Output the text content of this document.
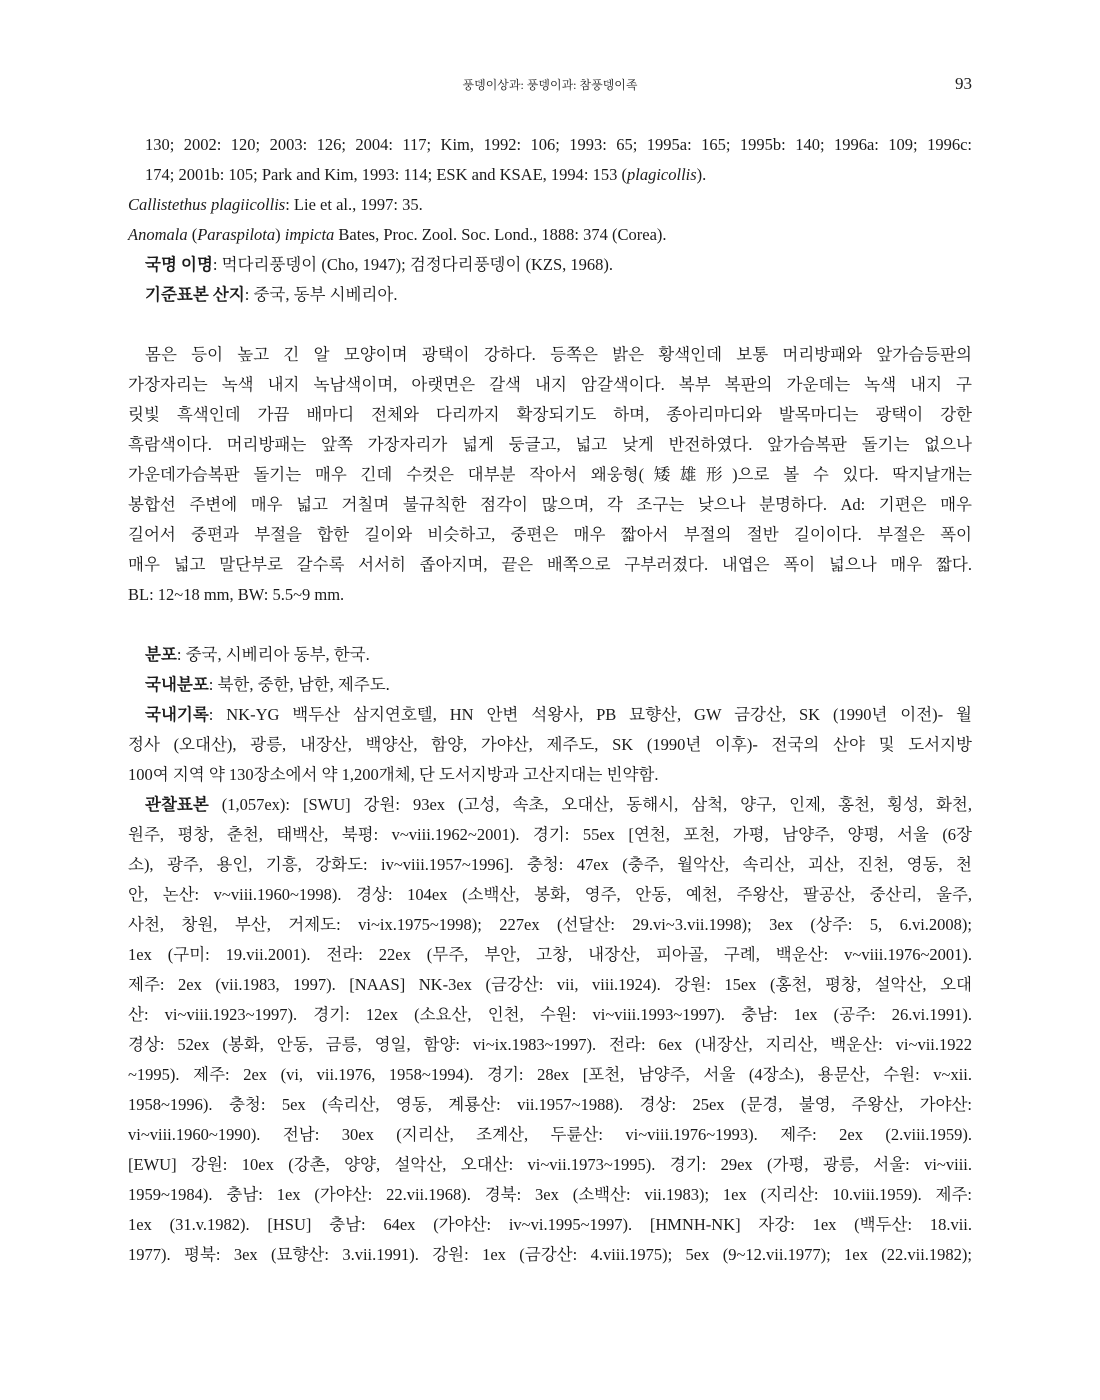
풍뎅이상과: 풍뎅이과: 참풍뎅이족	93
130; 2002: 120; 2003: 126; 2004: 117; Kim, 1992: 106; 1993: 65; 1995a: 165; 1995b: 140; 1996a: 109; 1996c:
174; 2001b: 105; Park and Kim, 1993: 114; ESK and KSAE, 1994: 153 (plagicollis).
Callistethus plagiicollis: Lie et al., 1997: 35.
Anomala (Paraspilota) impicta Bates, Proc. Zool. Soc. Lond., 1888: 374 (Corea).
국명 이명: 먹다리풍뎅이 (Cho, 1947); 검정다리풍뎅이 (KZS, 1968).
기준표본 산지: 중국, 동부 시베리아.
몸은 등이 높고 긴 알 모양이며 광택이 강하다. 등쪽은 밝은 황색인데 보통 머리방패와 앞가슴등판의
가장자리는 녹색 내지 녹남색이며, 아랫면은 갈색 내지 암갈색이다. 복부 복판의 가운데는 녹색 내지 구
릿빛 흑색인데 가끔 배마디 전체와 다리까지 확장되기도 하며, 종아리마디와 발목마디는 광택이 강한
흑람색이다. 머리방패는 앞쪽 가장자리가 넓게 둥글고, 넓고 낮게 반전하였다. 앞가슴복판 돌기는 없으나
가운데가슴복판 돌기는 매우 긴데 수컷은 대부분 작아서 왜웅형(矮雄形)으로 볼 수 있다. 딱지날개는
봉합선 주변에 매우 넓고 거칠며 불규칙한 점각이 많으며, 각 조구는 낮으나 분명하다. Ad: 기편은 매우
길어서 중편과 부절을 합한 길이와 비슷하고, 중편은 매우 짧아서 부절의 절반 길이이다. 부절은 폭이
매우 넓고 말단부로 갈수록 서서히 좁아지며, 끝은 배쪽으로 구부러졌다. 내엽은 폭이 넓으나 매우 짧다.
BL: 12~18 mm, BW: 5.5~9 mm.
분포: 중국, 시베리아 동부, 한국.
국내분포: 북한, 중한, 남한, 제주도.
국내기록: NK-YG 백두산 삼지연호텔, HN 안변 석왕사, PB 묘향산, GW 금강산, SK (1990년 이전)- 월
정사 (오대산), 광릉, 내장산, 백양산, 함양, 가야산, 제주도, SK (1990년 이후)- 전국의 산야 및 도서지방
100여 지역 약 130장소에서 약 1,200개체, 단 도서지방과 고산지대는 빈약함.
관찰표본 (1,057ex): [SWU] 강원: 93ex (고성, 속초, 오대산, 동해시, 삼척, 양구, 인제, 홍천, 횡성, 화천,
원주, 평창, 춘천, 태백산, 북평: v~viii.1962~2001). 경기: 55ex [연천, 포천, 가평, 남양주, 양평, 서울 (6장
소), 광주, 용인, 기흥, 강화도: iv~viii.1957~1996]. 충청: 47ex (충주, 월악산, 속리산, 괴산, 진천, 영동, 천
안, 논산: v~viii.1960~1998). 경상: 104ex (소백산, 봉화, 영주, 안동, 예천, 주왕산, 팔공산, 중산리, 울주,
사천, 창원, 부산, 거제도: vi~ix.1975~1998); 227ex (선달산: 29.vi~3.vii.1998); 3ex (상주: 5, 6.vi.2008);
1ex (구미: 19.vii.2001). 전라: 22ex (무주, 부안, 고창, 내장산, 피아골, 구례, 백운산: v~viii.1976~2001).
제주: 2ex (vii.1983, 1997). [NAAS] NK-3ex (금강산: vii, viii.1924). 강원: 15ex (홍천, 평창, 설악산, 오대
산: vi~viii.1923~1997). 경기: 12ex (소요산, 인천, 수원: vi~viii.1993~1997). 충남: 1ex (공주: 26.vi.1991).
경상: 52ex (봉화, 안동, 금릉, 영일, 함양: vi~ix.1983~1997). 전라: 6ex (내장산, 지리산, 백운산: vi~vii.1922
~1995). 제주: 2ex (vi, vii.1976, 1958~1994). 경기: 28ex [포천, 남양주, 서울 (4장소), 용문산, 수원: v~xii.
1958~1996). 충청: 5ex (속리산, 영동, 계룡산: vii.1957~1988). 경상: 25ex (문경, 불영, 주왕산, 가야산:
vi~viii.1960~1990). 전남: 30ex (지리산, 조계산, 두륜산: vi~viii.1976~1993). 제주: 2ex (2.viii.1959).
[EWU] 강원: 10ex (강촌, 양양, 설악산, 오대산: vi~vii.1973~1995). 경기: 29ex (가평, 광릉, 서울: vi~viii.
1959~1984). 충남: 1ex (가야산: 22.vii.1968). 경북: 3ex (소백산: vii.1983); 1ex (지리산: 10.viii.1959). 제주:
1ex (31.v.1982). [HSU] 충남: 64ex (가야산: iv~vi.1995~1997). [HMNH-NK] 자강: 1ex (백두산: 18.vii.
1977). 평북: 3ex (묘향산: 3.vii.1991). 강원: 1ex (금강산: 4.viii.1975); 5ex (9~12.vii.1977); 1ex (22.vii.1982);
